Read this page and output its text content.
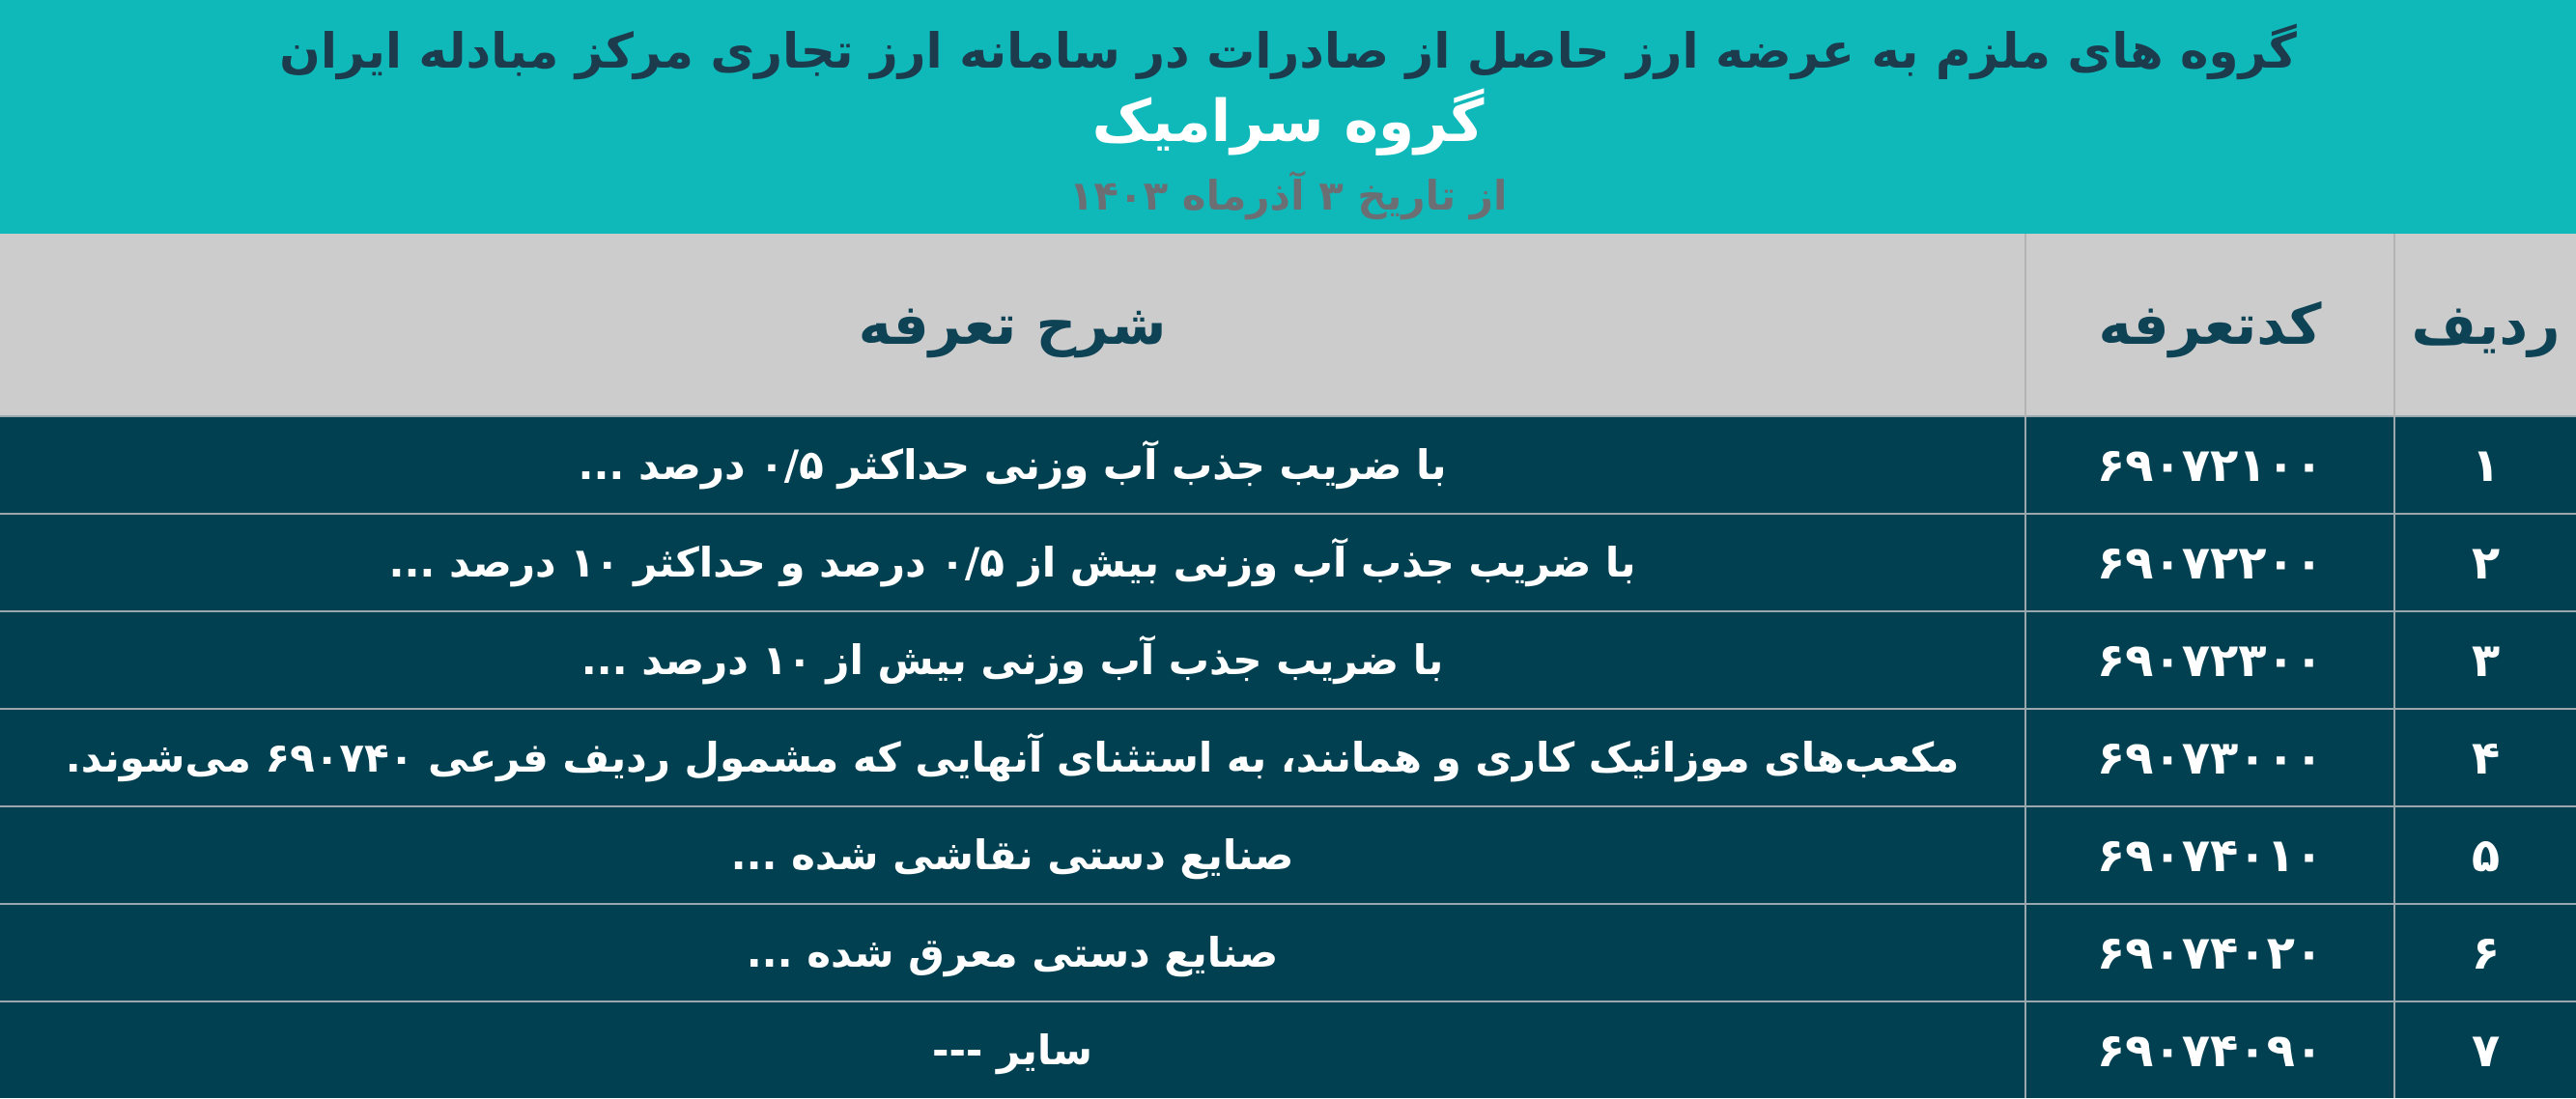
گروه های ملزم به عرضه ارز حاصل از صادرات در سامانه ارز تجاری مرکز مبادله ایران
گروه سرامیک
از تاریخ ۳ آذرماه ۱۴۰۳
ردیف	کدتعرفه	شرح تعرفه
۱	۶۹۰۷۲۱۰۰	با ضریب جذب آب وزنی حداکثر ۰/۵ درصد ...
۲	۶۹۰۷۲۲۰۰	با ضریب جذب آب وزنی بیش از ۰/۵ درصد و حداکثر ۱۰ درصد ...
۳	۶۹۰۷۲۳۰۰	با ضریب جذب آب وزنی بیش از ۱۰ درصد ...
۴	۶۹۰۷۳۰۰۰	مکعب‌های موزائیک کاری و همانند، به استثنای آنهایی که مشمول ردیف فرعی ۶۹۰۷۴۰ می‌شوند.
۵	۶۹۰۷۴۰۱۰	صنایع دستی نقاشی شده ...
۶	۶۹۰۷۴۰۲۰	صنایع دستی معرق شده ...
۷	۶۹۰۷۴۰۹۰	سایر ---
